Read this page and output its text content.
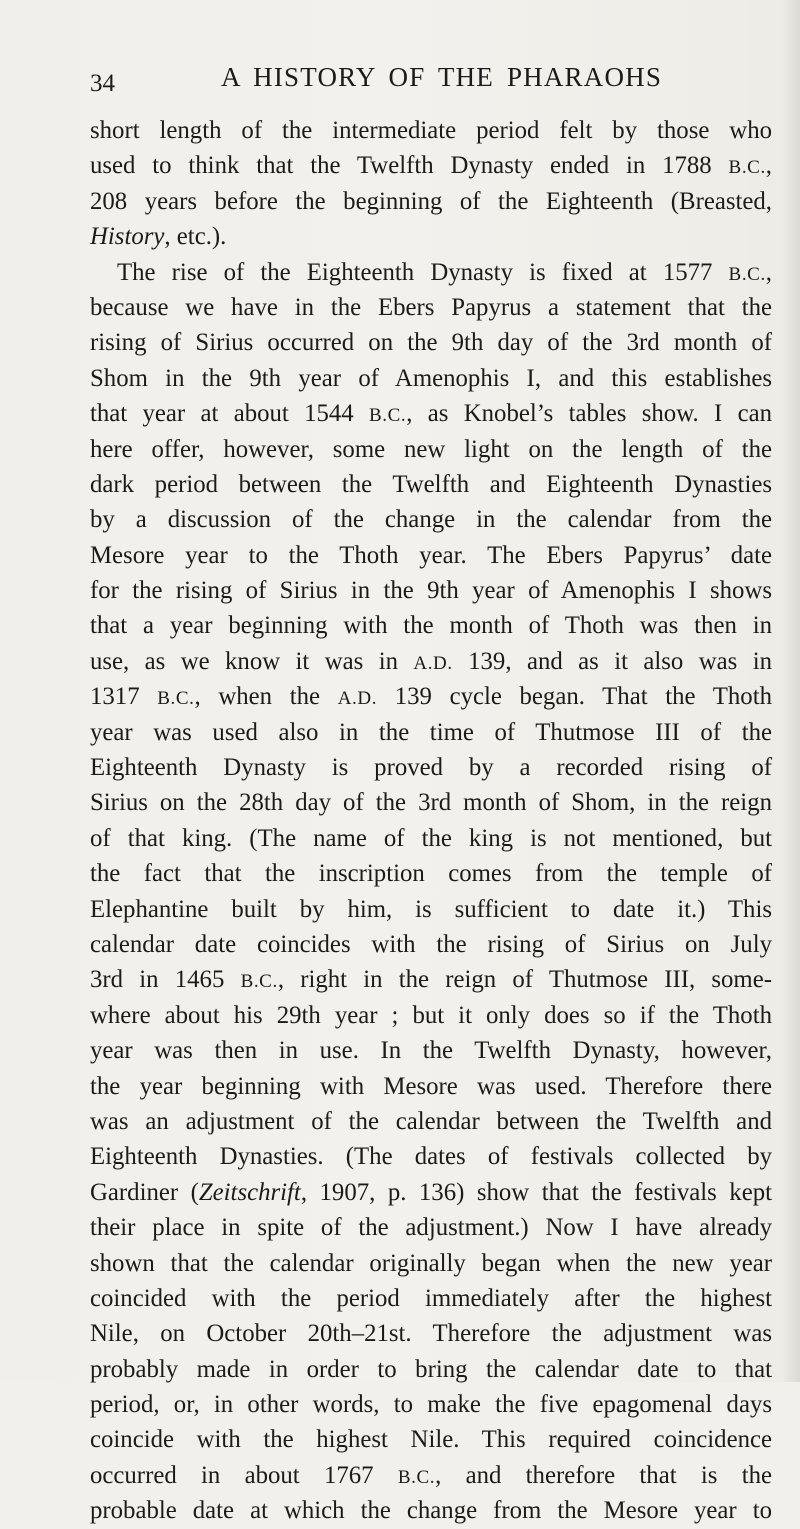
34	A HISTORY OF THE PHARAOHS
short length of the intermediate period felt by those who
used to think that the Twelfth Dynasty ended in 1788 B.C.,
208 years before the beginning of the Eighteenth (Breasted,
History, etc.).
The rise of the Eighteenth Dynasty is fixed at 1577 B.C.,
because we have in the Ebers Papyrus a statement that the
rising of Sirius occurred on the 9th day of the 3rd month of
Shom in the 9th year of Amenophis I, and this establishes
that year at about 1544 B.C., as Knobel’s tables show. I can
here offer, however, some new light on the length of the
dark period between the Twelfth and Eighteenth Dynasties
by a discussion of the change in the calendar from the
Mesore year to the Thoth year. The Ebers Papyrus’ date
for the rising of Sirius in the 9th year of Amenophis I shows
that a year beginning with the month of Thoth was then in
use, as we know it was in A.D. 139, and as it also was in
1317 B.C., when the A.D. 139 cycle began. That the Thoth
year was used also in the time of Thutmose III of the
Eighteenth Dynasty is proved by a recorded rising of
Sirius on the 28th day of the 3rd month of Shom, in the reign
of that king. (The name of the king is not mentioned, but
the fact that the inscription comes from the temple of
Elephantine built by him, is sufficient to date it.) This
calendar date coincides with the rising of Sirius on July
3rd in 1465 B.C., right in the reign of Thutmose III, some-
where about his 29th year ; but it only does so if the Thoth
year was then in use. In the Twelfth Dynasty, however,
the year beginning with Mesore was used. Therefore there
was an adjustment of the calendar between the Twelfth and
Eighteenth Dynasties. (The dates of festivals collected by
Gardiner (Zeitschrift, 1907, p. 136) show that the festivals kept
their place in spite of the adjustment.) Now I have already
shown that the calendar originally began when the new year
coincided with the period immediately after the highest
Nile, on October 20th–21st. Therefore the adjustment was
probably made in order to bring the calendar date to that
period, or, in other words, to make the five epagomenal days
coincide with the highest Nile. This required coincidence
occurred in about 1767 B.C., and therefore that is the
probable date at which the change from the Mesore year to
